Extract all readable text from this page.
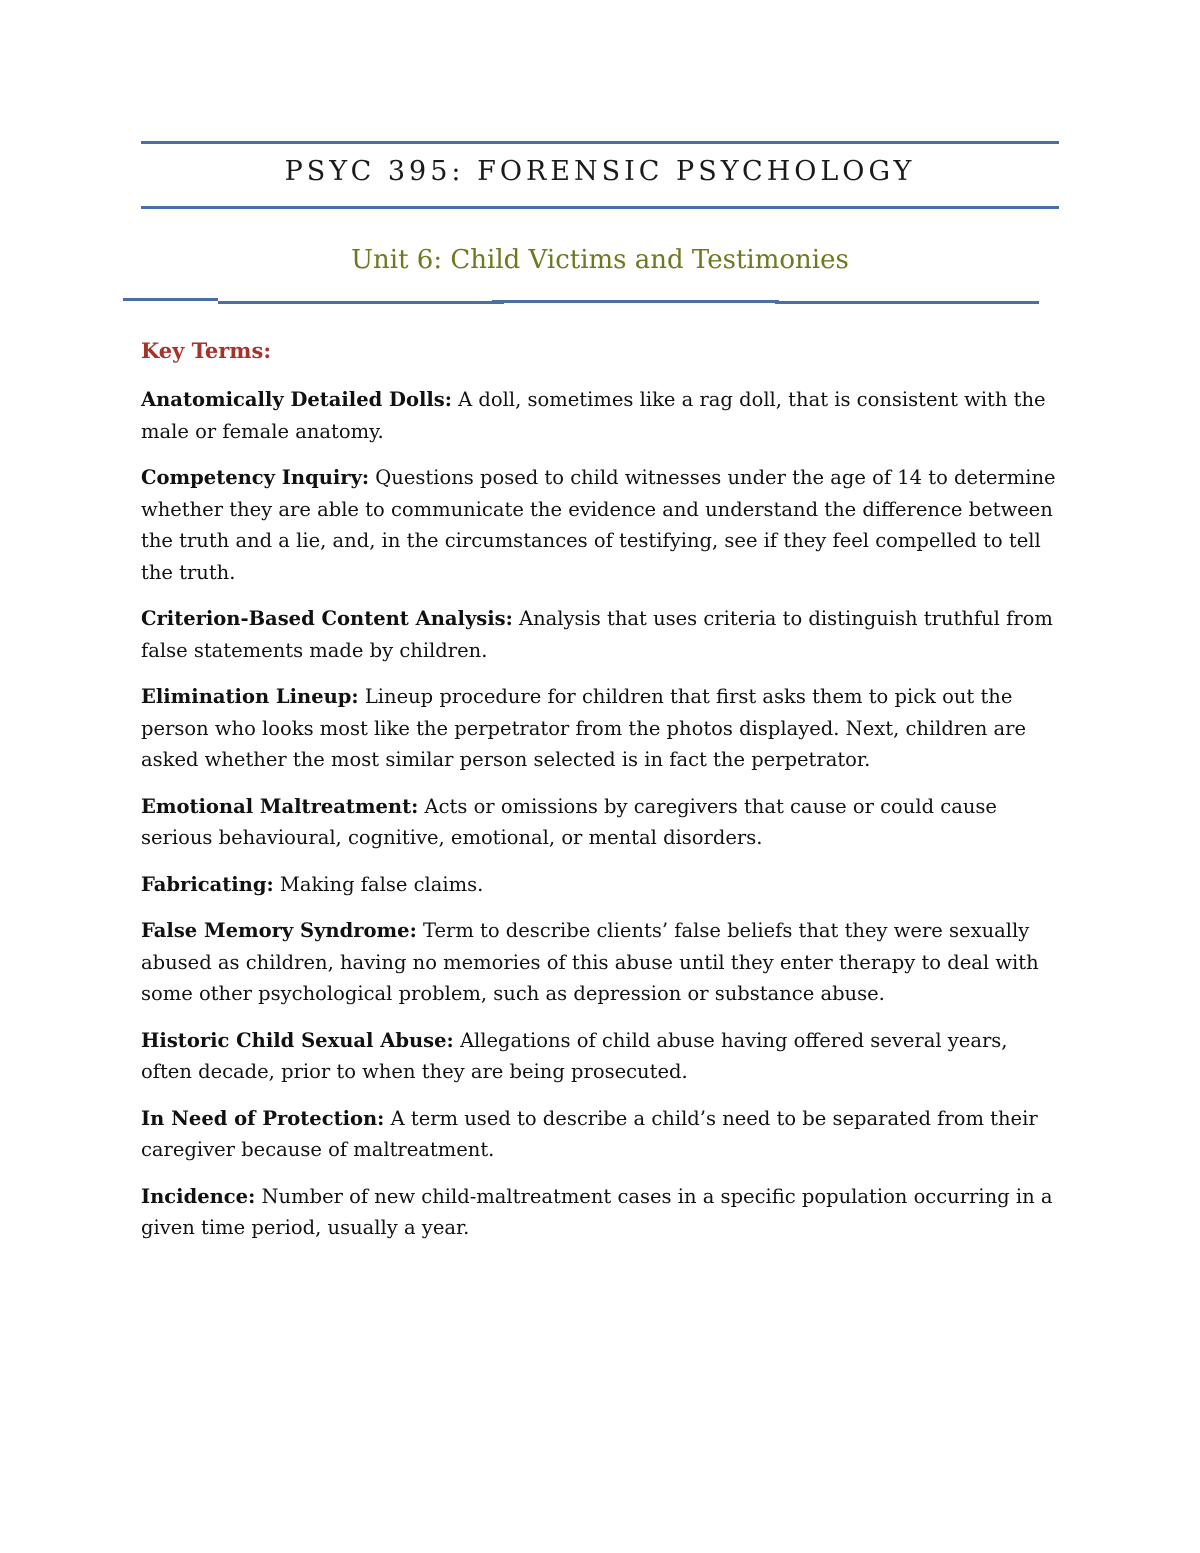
PSYC 395: FORENSIC PSYCHOLOGY
Unit 6: Child Victims and Testimonies
Key Terms:

Anatomically Detailed Dolls: A doll, sometimes like a rag doll, that is consistent with the male or female anatomy.

Competency Inquiry: Questions posed to child witnesses under the age of 14 to determine whether they are able to communicate the evidence and understand the difference between the truth and a lie, and, in the circumstances of testifying, see if they feel compelled to tell the truth.

Criterion-Based Content Analysis: Analysis that uses criteria to distinguish truthful from false statements made by children.

Elimination Lineup: Lineup procedure for children that first asks them to pick out the person who looks most like the perpetrator from the photos displayed. Next, children are asked whether the most similar person selected is in fact the perpetrator.

Emotional Maltreatment: Acts or omissions by caregivers that cause or could cause serious behavioural, cognitive, emotional, or mental disorders.

Fabricating: Making false claims.

False Memory Syndrome: Term to describe clients’ false beliefs that they were sexually abused as children, having no memories of this abuse until they enter therapy to deal with some other psychological problem, such as depression or substance abuse.

Historic Child Sexual Abuse: Allegations of child abuse having offered several years, often decade, prior to when they are being prosecuted.

In Need of Protection: A term used to describe a child’s need to be separated from their caregiver because of maltreatment.

Incidence: Number of new child-maltreatment cases in a specific population occurring in a given time period, usually a year.
